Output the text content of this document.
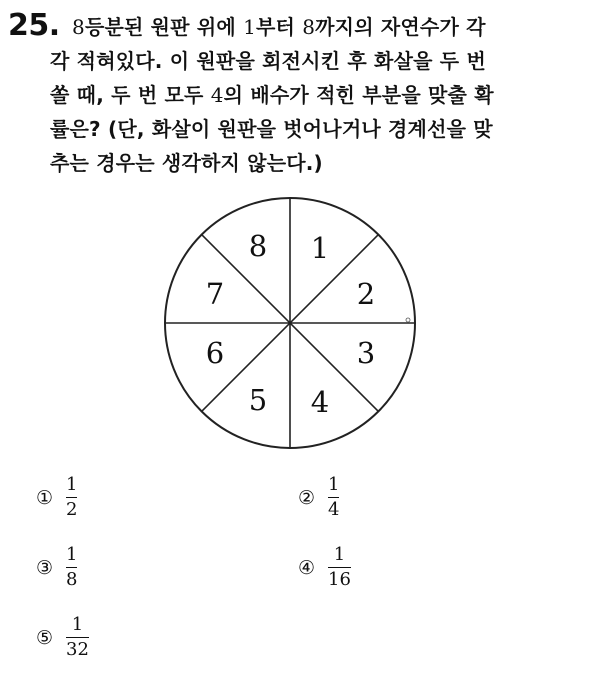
25. 8등분된 원판 위에 1부터 8까지의 자연수가 각
각 적혀있다. 이 원판을 회전시킨 후 화살을 두 번
쏠 때, 두 번 모두 4의 배수가 적힌 부분을 맞출 확
률은? (단, 화살이 원판을 벗어나거나 경계선을 맞
추는 경우는 생각하지 않는다.)
1
2
3
4
5
6
7
8
① $\frac{1}{2}$	② $\frac{1}{4}$
③ $\frac{1}{8}$	④ $\frac{1}{16}$
⑤ $\frac{1}{32}$
